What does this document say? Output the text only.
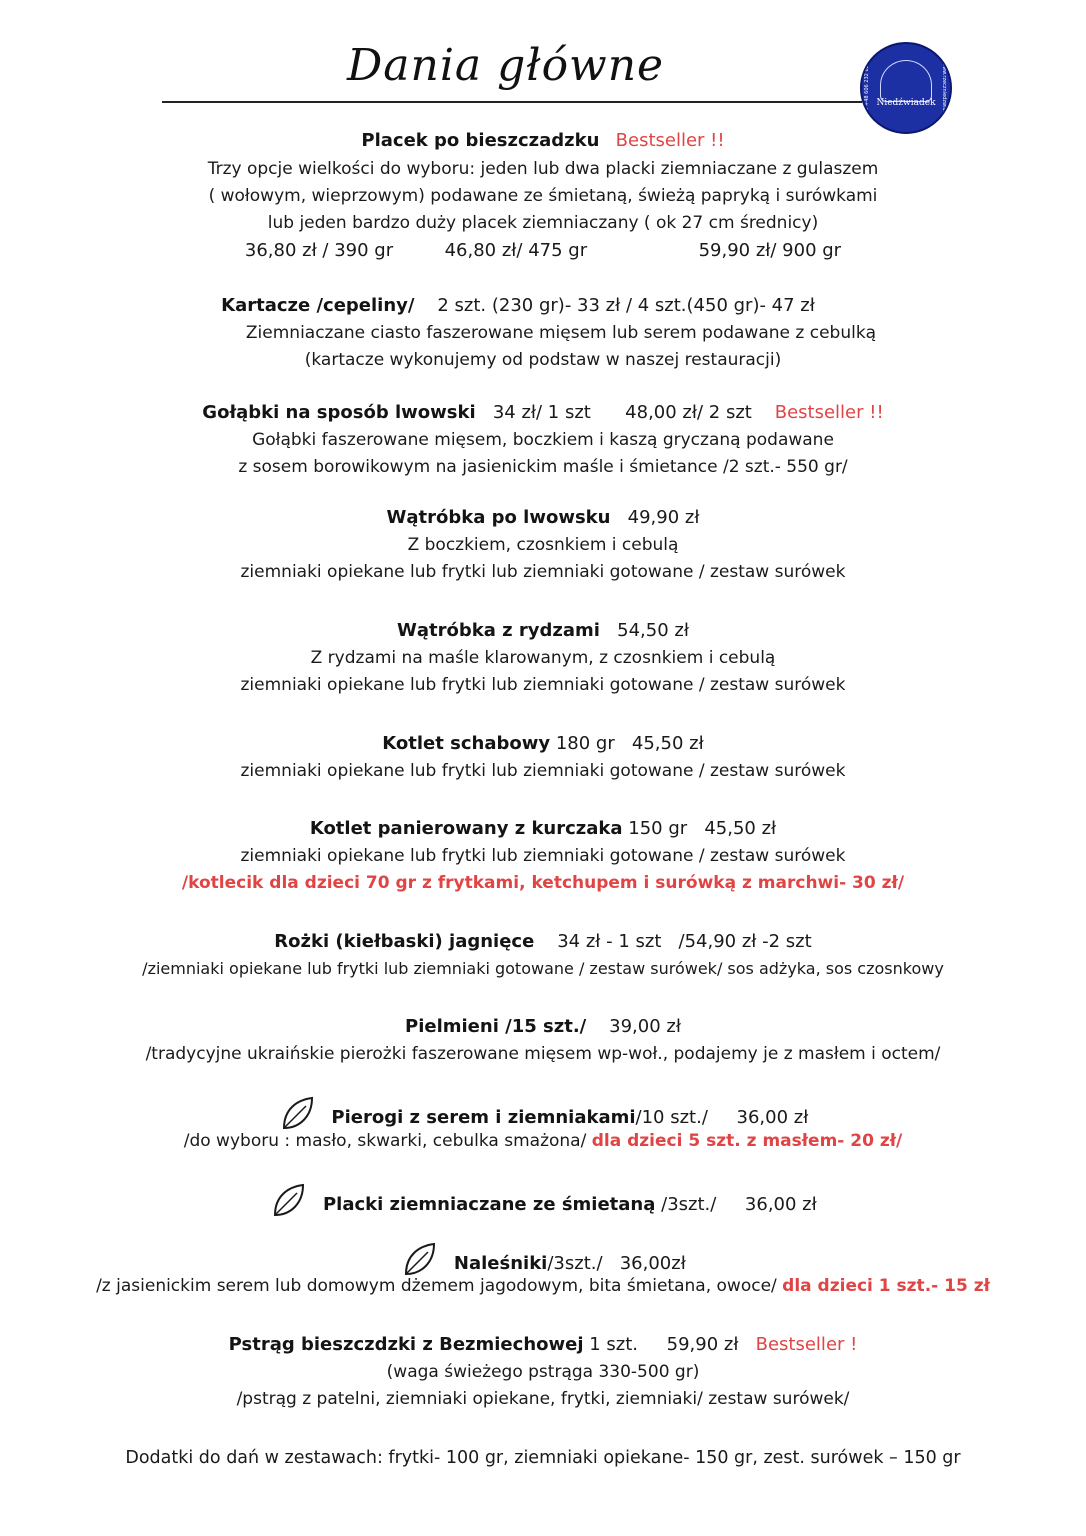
Dania główne	tel. +48 606 232 623	www.rzeczniedzwiadek.pl
Niedźwiadek
Placek po bieszczadzku Bestseller !!
Trzy opcje wielkości do wyboru: jeden lub dwa placki ziemniaczane z gulaszem
( wołowym, wieprzowym) podawane ze śmietaną, świeżą papryką i surówkami
lub jeden bardzo duży placek ziemniaczany ( ok 27 cm średnicy)
36,80 zł / 390 gr	46,80 zł/ 475 gr	59,90 zł/ 900 gr
Kartacze /cepeliny/ 2 szt. (230 gr)- 33 zł / 4 szt.(450 gr)- 47 zł
Ziemniaczane ciasto faszerowane mięsem lub serem podawane z cebulką
(kartacze wykonujemy od podstaw w naszej restauracji)
Gołąbki na sposób lwowski 34 zł/ 1 szt      48,00 zł/ 2 szt Bestseller !!
Gołąbki faszerowane mięsem, boczkiem i kaszą gryczaną podawane
z sosem borowikowym na jasienickim maśle i śmietance /2 szt.- 550 gr/
Wątróbka po lwowsku 49,90 zł
Z boczkiem, czosnkiem i cebulą
ziemniaki opiekane lub frytki lub ziemniaki gotowane / zestaw surówek
Wątróbka z rydzami 54,50 zł
Z rydzami na maśle klarowanym, z czosnkiem i cebulą
ziemniaki opiekane lub frytki lub ziemniaki gotowane / zestaw surówek
Kotlet schabowy 180 gr   45,50 zł
ziemniaki opiekane lub frytki lub ziemniaki gotowane / zestaw surówek
Kotlet panierowany z kurczaka 150 gr   45,50 zł
ziemniaki opiekane lub frytki lub ziemniaki gotowane / zestaw surówek
/kotlecik dla dzieci 70 gr z frytkami, ketchupem i surówką z marchwi- 30 zł/
Rożki (kiełbaski) jagnięce 34 zł - 1 szt   /54,90 zł -2 szt
/ziemniaki opiekane lub frytki lub ziemniaki gotowane / zestaw surówek/ sos adżyka, sos czosnkowy
Pielmieni /15 szt./ 39,00 zł
/tradycyjne ukraińskie pierożki faszerowane mięsem wp-woł., podajemy je z masłem i octem/
Pierogi z serem i ziemniakami/10 szt./ 36,00 zł
/do wyboru : masło, skwarki, cebulka smażona/ dla dzieci 5 szt. z masłem- 20 zł/
Placki ziemniaczane ze śmietaną /3szt./ 36,00 zł
Naleśniki/3szt./ 36,00zł
/z jasienickim serem lub domowym dżemem jagodowym, bita śmietana, owoce/ dla dzieci 1 szt.- 15 zł
Pstrąg bieszczdzki z Bezmiechowej 1 szt.     59,90 zł Bestseller !
(waga świeżego pstrąga 330-500 gr)
/pstrąg z patelni, ziemniaki opiekane, frytki, ziemniaki/ zestaw surówek/
Dodatki do dań w zestawach: frytki- 100 gr, ziemniaki opiekane- 150 gr, zest. surówek – 150 gr
